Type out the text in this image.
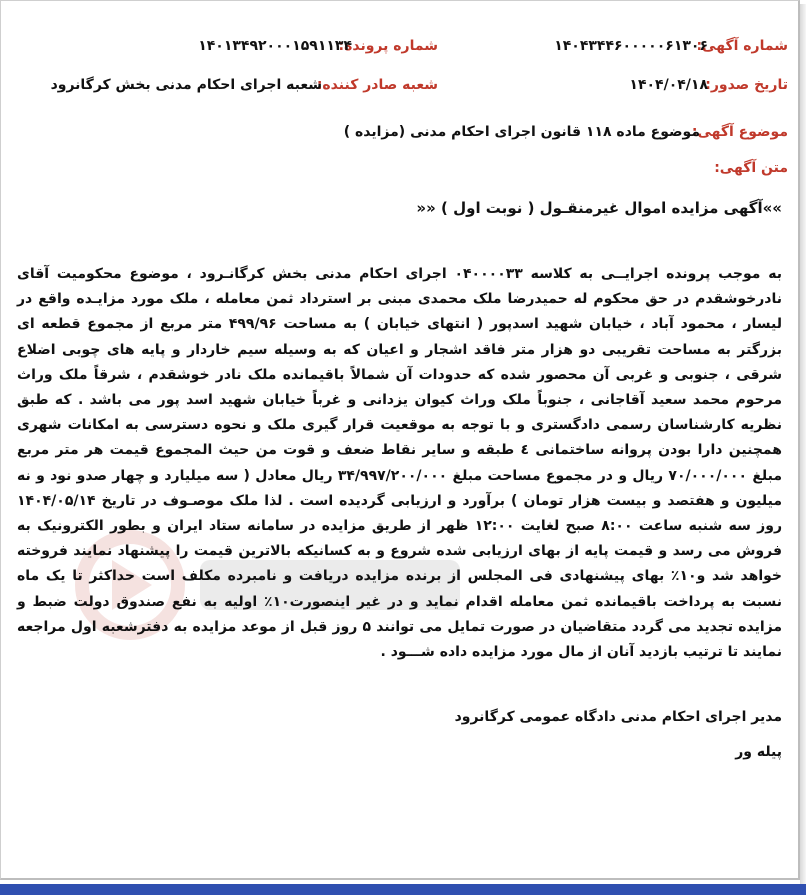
شماره آگهی:
۱۴۰۴۳۴۴۶۰۰۰۰۰۶۱۳۰۶
شماره پرونده:
۱۴۰۱۳۴۹۲۰۰۰۱۵۹۱۱۳۴
تاریخ صدور:
۱۴۰۴/۰۴/۱۸
شعبه صادر کننده:
شعبه اجرای احکام مدنی بخش کرگانرود
موضوع آگهی:
موضوع ماده ۱۱۸ قانون اجرای احکام مدنی (مزایده )
متن آگهی:
»»آگهی مزایده اموال غیرمنقـول ( نوبت اول ) ««
به موجب پرونده اجرایــی به کلاسه ۰۴۰۰۰۰۳۳ اجرای احکام مدنی بخش کرگانـرود ، موضوع محکومیت آقای نادرخوشقدم در حق محکوم له حمیدرضا ملک محمدی مبنی بر استرداد ثمن معامله ، ملک مورد مزایـده واقع در لیسار ، محمود آباد ، خیابان شهید اسدپور ( انتهای خیابان ) به مساحت ۴۹۹/۹۶ متر مربع از مجموع قطعه ای بزرگتر به مساحت تقریبی دو هزار متر فاقد اشجار و اعیان که به وسیله سیم خاردار و پایه های چوبی اضلاع شرقی ، جنوبی و غربی آن محصور شده که حدودات آن شمالاً باقیمانده ملک نادر خوشقدم ، شرقاً ملک وراث مرحوم محمد سعید آقاجانی ، جنوباً ملک وراث کیوان یزدانی و غرباً خیابان شهید اسد پور می باشد . که طبق نظریه کارشناسان رسمی دادگستری و با توجه به موقعیت قرار گیری ملک و نحوه دسترسی به امکانات شهری همچنین دارا بودن پروانه ساختمانی ٤ طبقه و سایر نقاط ضعف و قوت من حیث المجموع قیمت هر متر مربع مبلغ ۷۰/۰۰۰/۰۰۰ ریال و در مجموع مساحت مبلغ ۳۴/۹۹۷/۲۰۰/۰۰۰ ریال معادل ( سه میلیارد و چهار صدو نود و نه میلیون و هفتصد و بیست هزار تومان ) برآورد و ارزیابی گردیده است . لذا ملک موصـوف در تاریخ ۱۴۰۴/۰۵/۱۴ روز سه شنبه ساعت ۸:۰۰ صبح لغایت ۱۲:۰۰ ظهر از طریق مزایده در سامانه ستاد ایران و بطور الکترونیک به فروش می رسد و قیمت پایه از بهای ارزیابی شده شروع و به کسانیکه بالاترین قیمت را پیشنهاد نمایند فروخته خواهد شد و۱۰٪ بهای پیشنهادی فی المجلس از برنده مزایده دریافت و نامبرده مکلف است حداکثر تا یک ماه نسبت به پرداخت باقیمانده ثمن معامله اقدام نماید و در غیر اینصورت۱۰٪ اولیه به نفع صندوق دولت ضبط و مزایده تجدید می گردد متقاضیان در صورت تمایل می توانند ۵ روز قبل از موعد مزایده به دفترشعبه اول مراجعه نمایند تا ترتیب بازدید آنان از مال مورد مزایده داده شـــود .
مدیر اجرای احکام مدنی دادگاه عمومی کرگانرود
پیله ور
